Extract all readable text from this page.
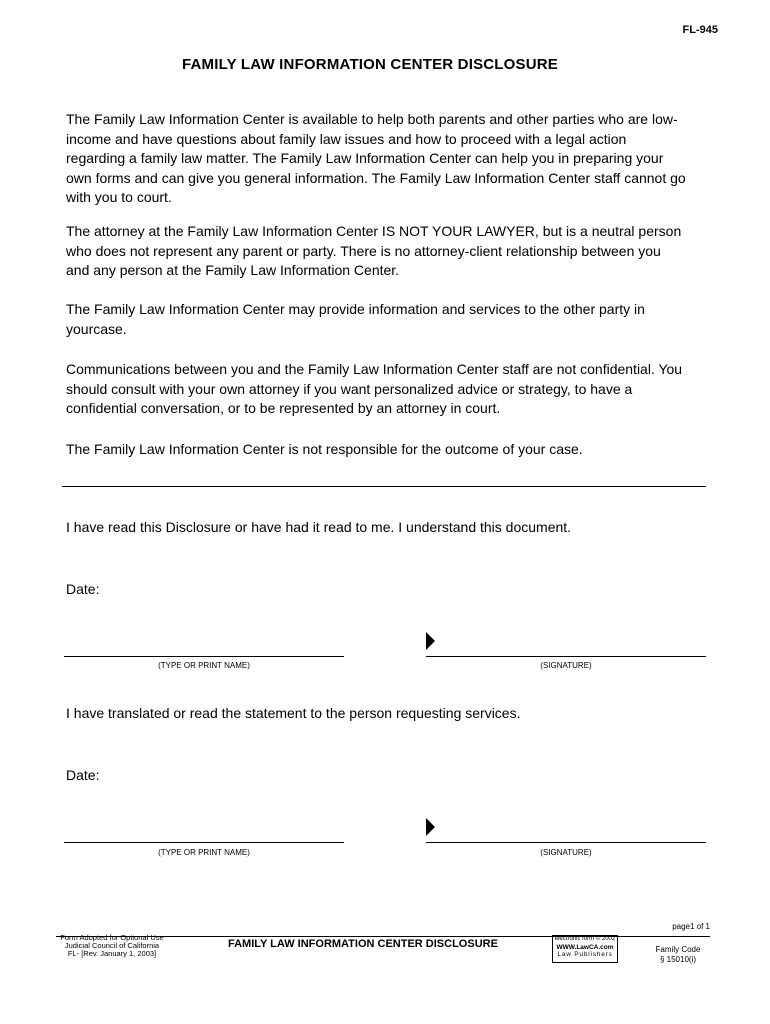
FL-945
FAMILY LAW INFORMATION CENTER DISCLOSURE
The Family Law Information Center is available to help both parents and other parties who are low-income and have questions about family law issues and how to proceed with a legal action regarding a family law matter. The Family Law Information Center can help you in preparing your own forms and can give you general information. The Family Law Information Center staff cannot go with you to court.
The attorney at the Family Law Information Center IS NOT YOUR LAWYER, but is a neutral person who does not represent any parent or party. There is no attorney-client relationship between you and any person at the Family Law Information Center.
The Family Law Information Center may provide information and services to the other party in yourcase.
Communications between you and the Family Law Information Center staff are not confidential. You should consult with your own attorney if you want personalized advice or strategy, to have a confidential conversation, or to be represented by an attorney in court.
The Family Law Information Center is not responsible for the outcome of your case.
I have read this Disclosure or have had it read to me. I understand this document.
Date:
(TYPE OR PRINT NAME)	(SIGNATURE)
I have translated or read the statement to the person requesting services.
Date:
(TYPE OR PRINT NAME)	(SIGNATURE)
page1 of 1
Form Adopted for Optional Use
Judicial Council of California
FL- [Rev. January 1, 2003]
FAMILY LAW INFORMATION CENTER DISCLOSURE	electronic form © 2002
WWW.LawCA.com
Law Publishers
Family Code
§ 15010(i)
